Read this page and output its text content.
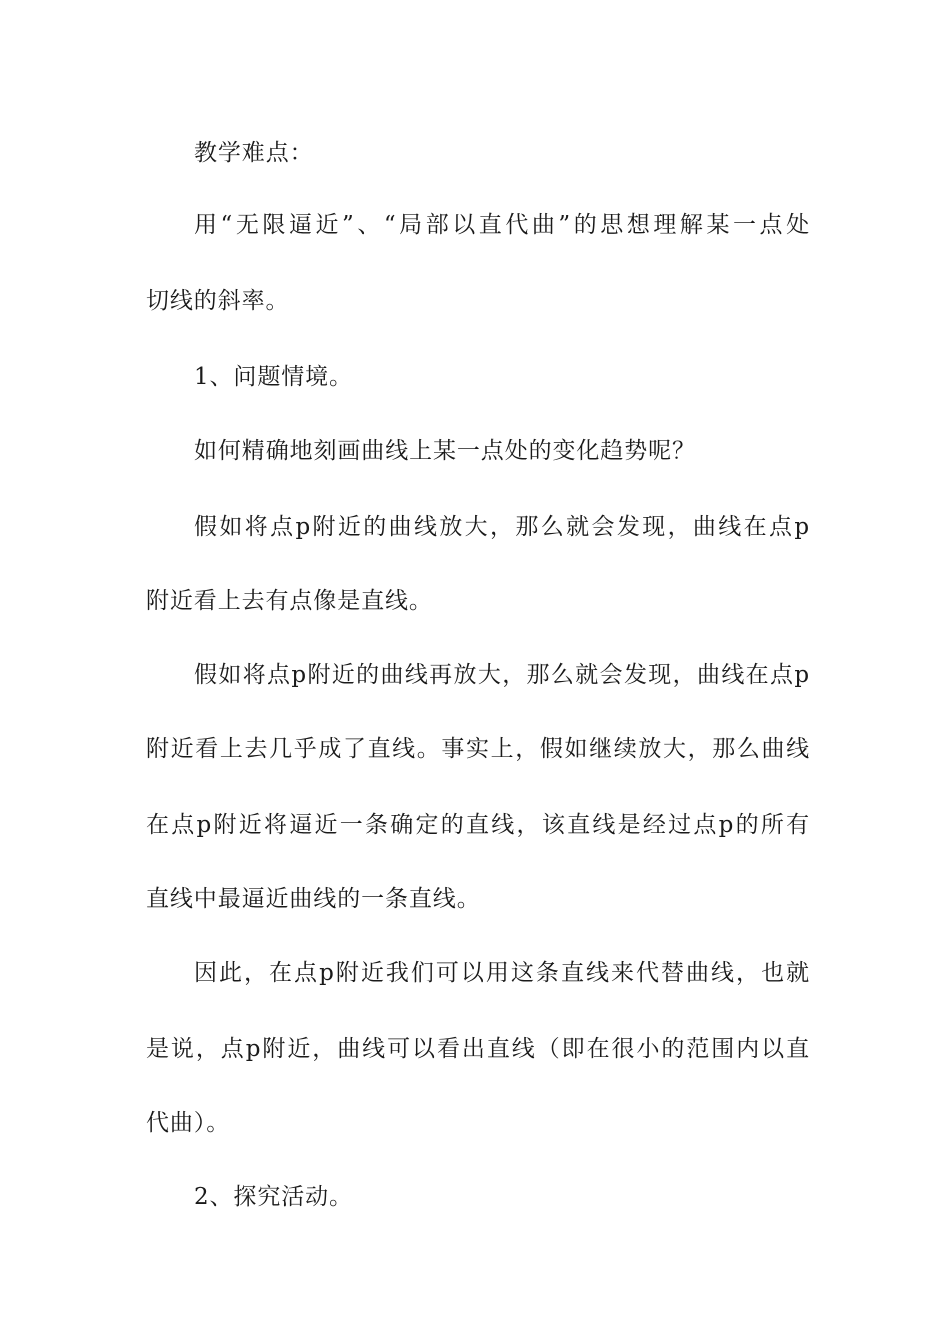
教学难点：
用“无限逼近”、“局部以直代曲”的思想理解某一点处
切线的斜率。
1、问题情境。
如何精确地刻画曲线上某一点处的变化趋势呢？
假如将点p附近的曲线放大，那么就会发现，曲线在点p
附近看上去有点像是直线。
假如将点p附近的曲线再放大，那么就会发现，曲线在点p
附近看上去几乎成了直线。事实上，假如继续放大，那么曲线
在点p附近将逼近一条确定的直线，该直线是经过点p的所有
直线中最逼近曲线的一条直线。
因此，在点p附近我们可以用这条直线来代替曲线，也就
是说，点p附近，曲线可以看出直线（即在很小的范围内以直
代曲）。
2、探究活动。
